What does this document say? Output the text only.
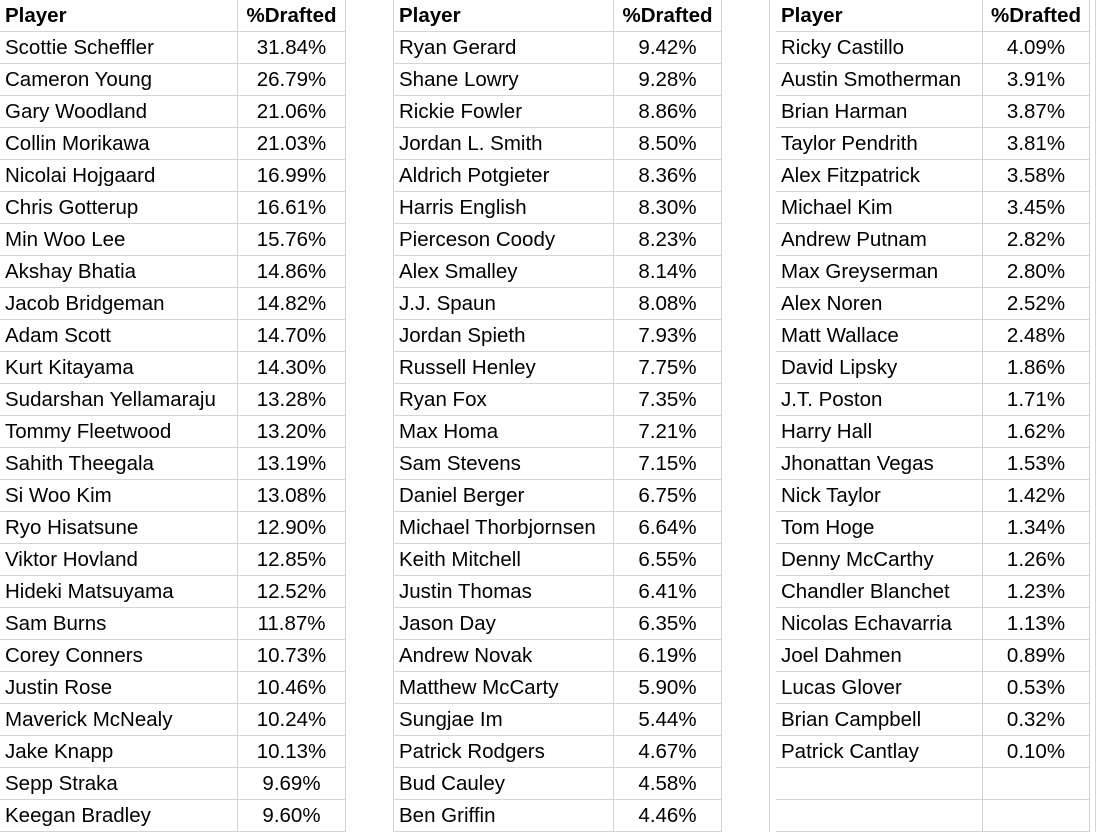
Player	%Drafted
Scottie Scheffler	31.84%
Cameron Young	26.79%
Gary Woodland	21.06%
Collin Morikawa	21.03%
Nicolai Hojgaard	16.99%
Chris Gotterup	16.61%
Min Woo Lee	15.76%
Akshay Bhatia	14.86%
Jacob Bridgeman	14.82%
Adam Scott	14.70%
Kurt Kitayama	14.30%
Sudarshan Yellamaraju	13.28%
Tommy Fleetwood	13.20%
Sahith Theegala	13.19%
Si Woo Kim	13.08%
Ryo Hisatsune	12.90%
Viktor Hovland	12.85%
Hideki Matsuyama	12.52%
Sam Burns	11.87%
Corey Conners	10.73%
Justin Rose	10.46%
Maverick McNealy	10.24%
Jake Knapp	10.13%
Sepp Straka	9.69%
Keegan Bradley	9.60%
Player	%Drafted
Ryan Gerard	9.42%
Shane Lowry	9.28%
Rickie Fowler	8.86%
Jordan L. Smith	8.50%
Aldrich Potgieter	8.36%
Harris English	8.30%
Pierceson Coody	8.23%
Alex Smalley	8.14%
J.J. Spaun	8.08%
Jordan Spieth	7.93%
Russell Henley	7.75%
Ryan Fox	7.35%
Max Homa	7.21%
Sam Stevens	7.15%
Daniel Berger	6.75%
Michael Thorbjornsen	6.64%
Keith Mitchell	6.55%
Justin Thomas	6.41%
Jason Day	6.35%
Andrew Novak	6.19%
Matthew McCarty	5.90%
Sungjae Im	5.44%
Patrick Rodgers	4.67%
Bud Cauley	4.58%
Ben Griffin	4.46%
Player	%Drafted
Ricky Castillo	4.09%
Austin Smotherman	3.91%
Brian Harman	3.87%
Taylor Pendrith	3.81%
Alex Fitzpatrick	3.58%
Michael Kim	3.45%
Andrew Putnam	2.82%
Max Greyserman	2.80%
Alex Noren	2.52%
Matt Wallace	2.48%
David Lipsky	1.86%
J.T. Poston	1.71%
Harry Hall	1.62%
Jhonattan Vegas	1.53%
Nick Taylor	1.42%
Tom Hoge	1.34%
Denny McCarthy	1.26%
Chandler Blanchet	1.23%
Nicolas Echavarria	1.13%
Joel Dahmen	0.89%
Lucas Glover	0.53%
Brian Campbell	0.32%
Patrick Cantlay	0.10%
